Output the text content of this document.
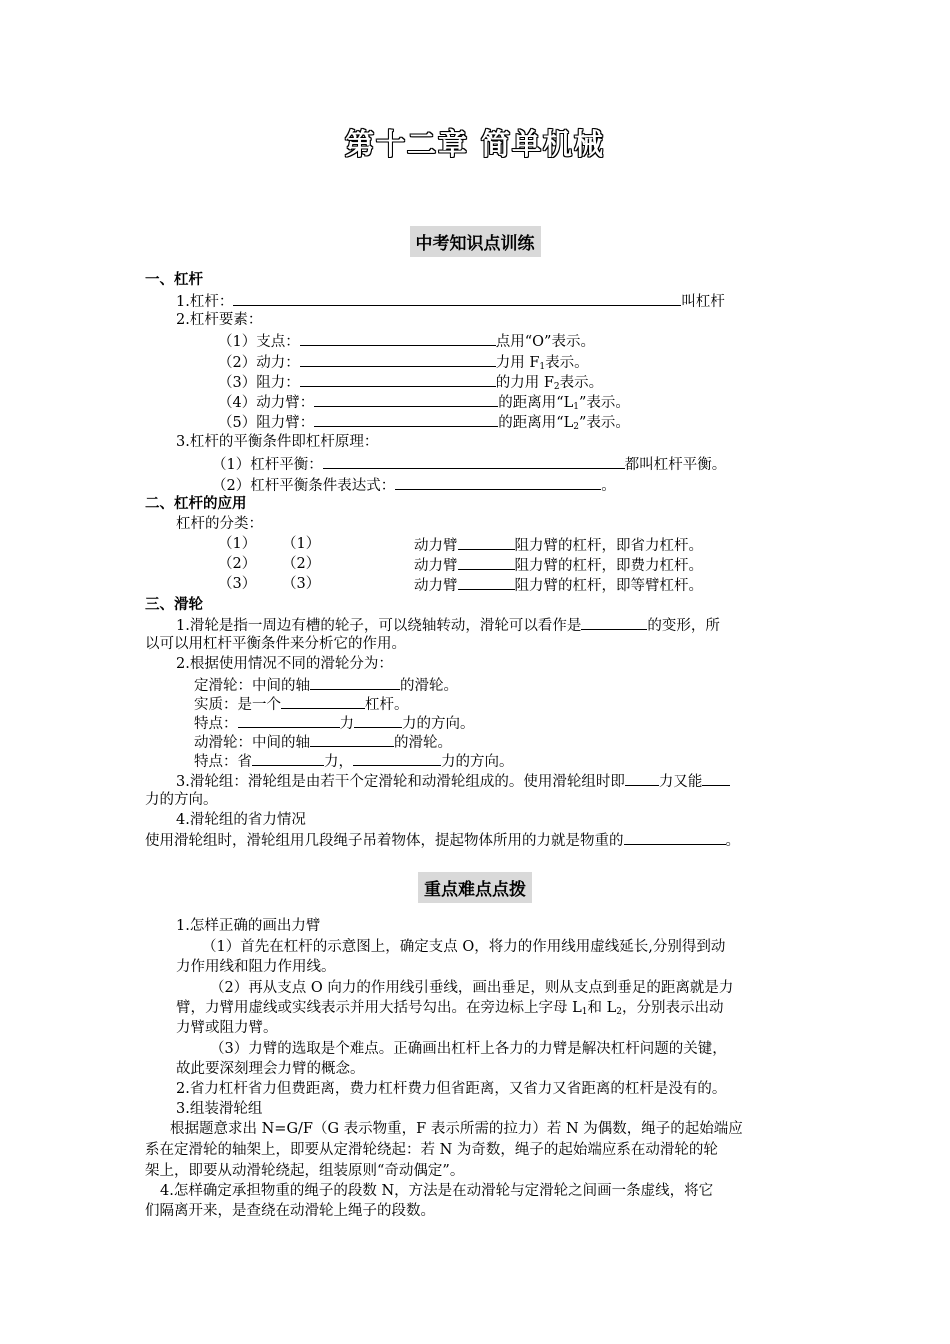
第十二章 简单机械
中考知识点训练
一、杠杆
1.杠杆：	叫杠杆
2.杠杆要素：
（1）支点：	点用“O”表示。
（2）动力：	力用 $F_1$表示。
（3）阻力：	的力用 $F_2$表示。
（4）动力臂：	的距离用“$L_1$”表示。
（5）阻力臂：	的距离用“$L_2$”表示。
3.杠杆的平衡条件即杠杆原理：
（1）杠杆平衡：	都叫杠杆平衡。
（2）杠杆平衡条件表达式：	。
二、杠杆的应用
杠杆的分类：
（1） （1）	动力臂	阻力臂的杠杆，即省力杠杆。
（2） （2）	动力臂	阻力臂的杠杆，即费力杠杆。
（3） （3）	动力臂	阻力臂的杠杆，即等臂杠杆。
三、滑轮
1.滑轮是指一周边有槽的轮子，可以绕轴转动，滑轮可以看作是	的变形，所
以可以用杠杆平衡条件来分析它的作用。
2.根据使用情况不同的滑轮分为：
定滑轮：中间的轴	的滑轮。
实质：是一个	杠杆。
特点：	力	力的方向。
动滑轮：中间的轴	的滑轮。
特点：省	力，	力的方向。
3.滑轮组：滑轮组是由若干个定滑轮和动滑轮组成的。使用滑轮组时即 力又能
力的方向。
4.滑轮组的省力情况
使用滑轮组时，滑轮组用几段绳子吊着物体，提起物体所用的力就是物重的	。
重点难点点拨
1.怎样正确的画出力臂
（1）首先在杠杆的示意图上，确定支点 O，将力的作用线用虚线延长,分别得到动
力作用线和阻力作用线。
（2）再从支点 O 向力的作用线引垂线，画出垂足，则从支点到垂足的距离就是力
臂，力臂用虚线或实线表示并用大括号勾出。在旁边标上字母 $L_1$和 $L_2$，分别表示出动
力臂或阻力臂。
（3）力臂的选取是个难点。正确画出杠杆上各力的力臂是解决杠杆问题的关键，
故此要深刻理会力臂的概念。
2.省力杠杆省力但费距离，费力杠杆费力但省距离，又省力又省距离的杠杆是没有的。
3.组装滑轮组
根据题意求出 N=G/F（G 表示物重，F 表示所需的拉力）若 N 为偶数，绳子的起始端应
系在定滑轮的轴架上，即要从定滑轮绕起：若 N 为奇数，绳子的起始端应系在动滑轮的轮
架上，即要从动滑轮绕起，组装原则“奇动偶定”。
4.怎样确定承担物重的绳子的段数 N，方法是在动滑轮与定滑轮之间画一条虚线，将它
们隔离开来，是查绕在动滑轮上绳子的段数。
